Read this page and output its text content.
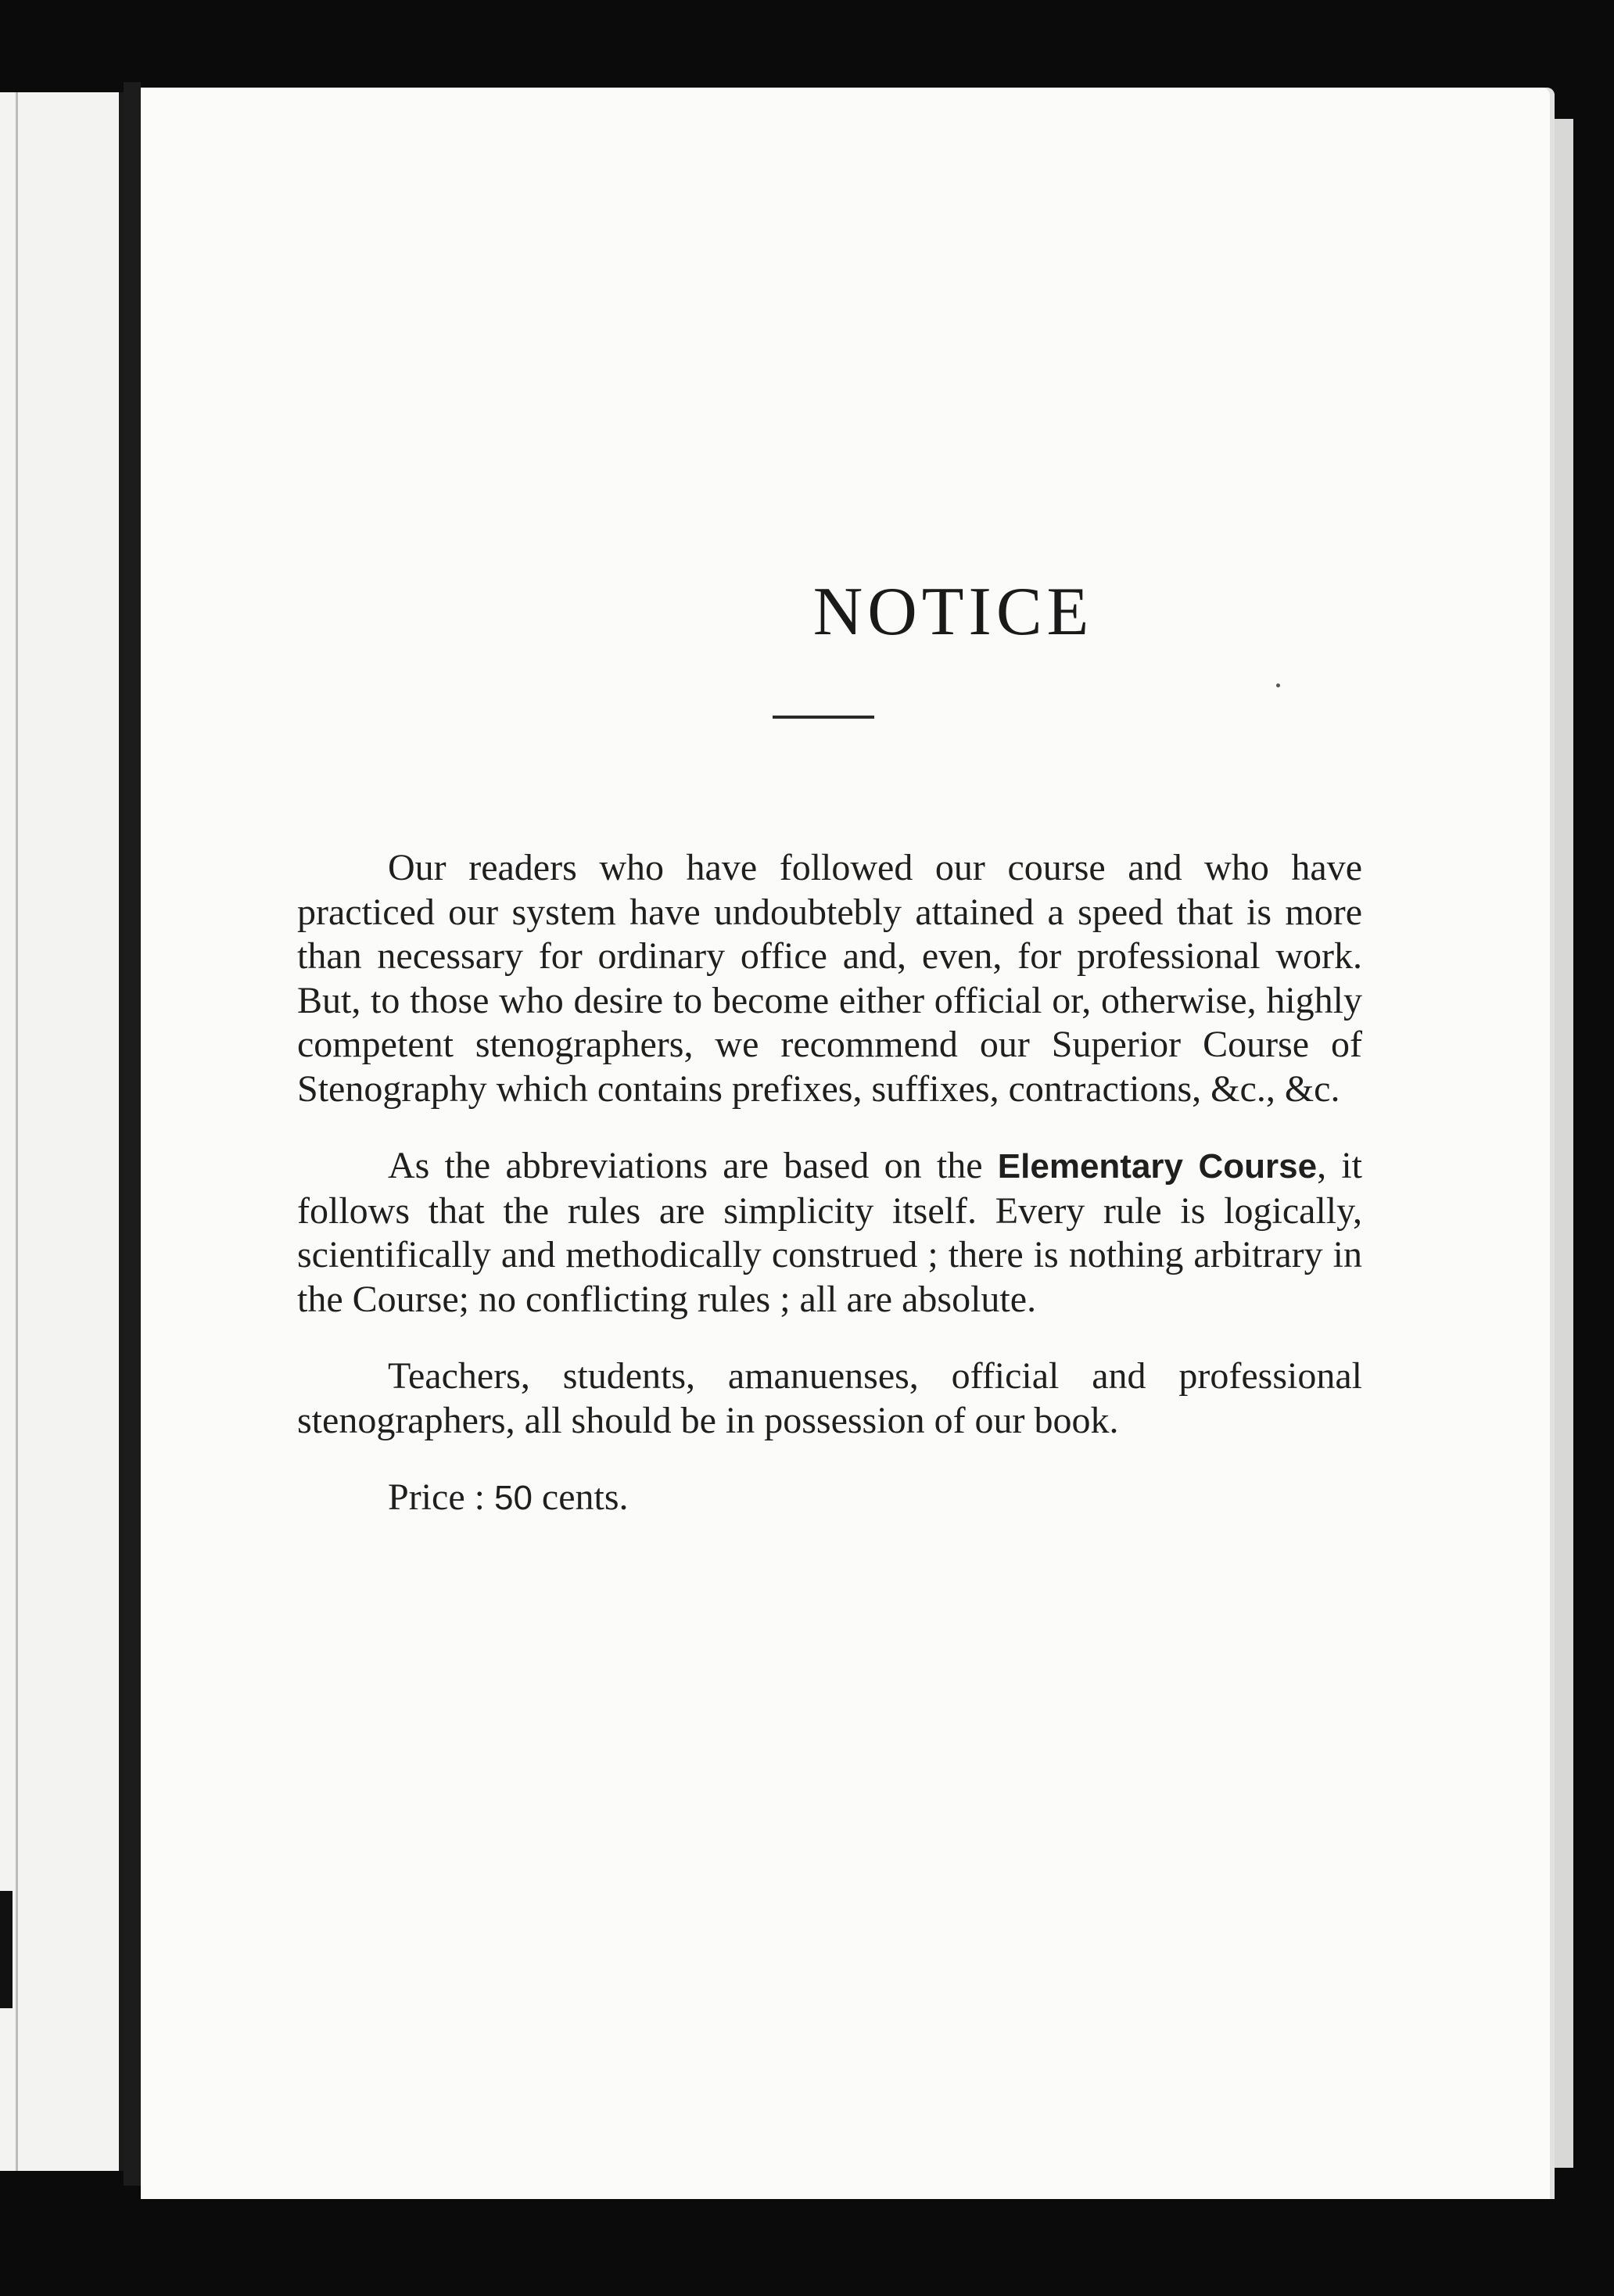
NOTICE

Our readers who have followed our course and who have practiced our system have undoubtebly attained a speed that is more than necessary for ordinary office and, even, for professional work. But, to those who desire to become either official or, otherwise, highly competent stenographers, we recommend our Superior Course of Stenography which contains prefixes, suffixes, contractions, &c., &c.

As the abbreviations are based on the Elementary Course, it follows that the rules are simplicity itself. Every rule is logically, scientifically and methodically construed ; there is nothing arbitrary in the Course; no conflicting rules ; all are absolute.

Teachers, students, amanuenses, official and professional stenographers, all should be in possession of our book.

Price : 50 cents.
